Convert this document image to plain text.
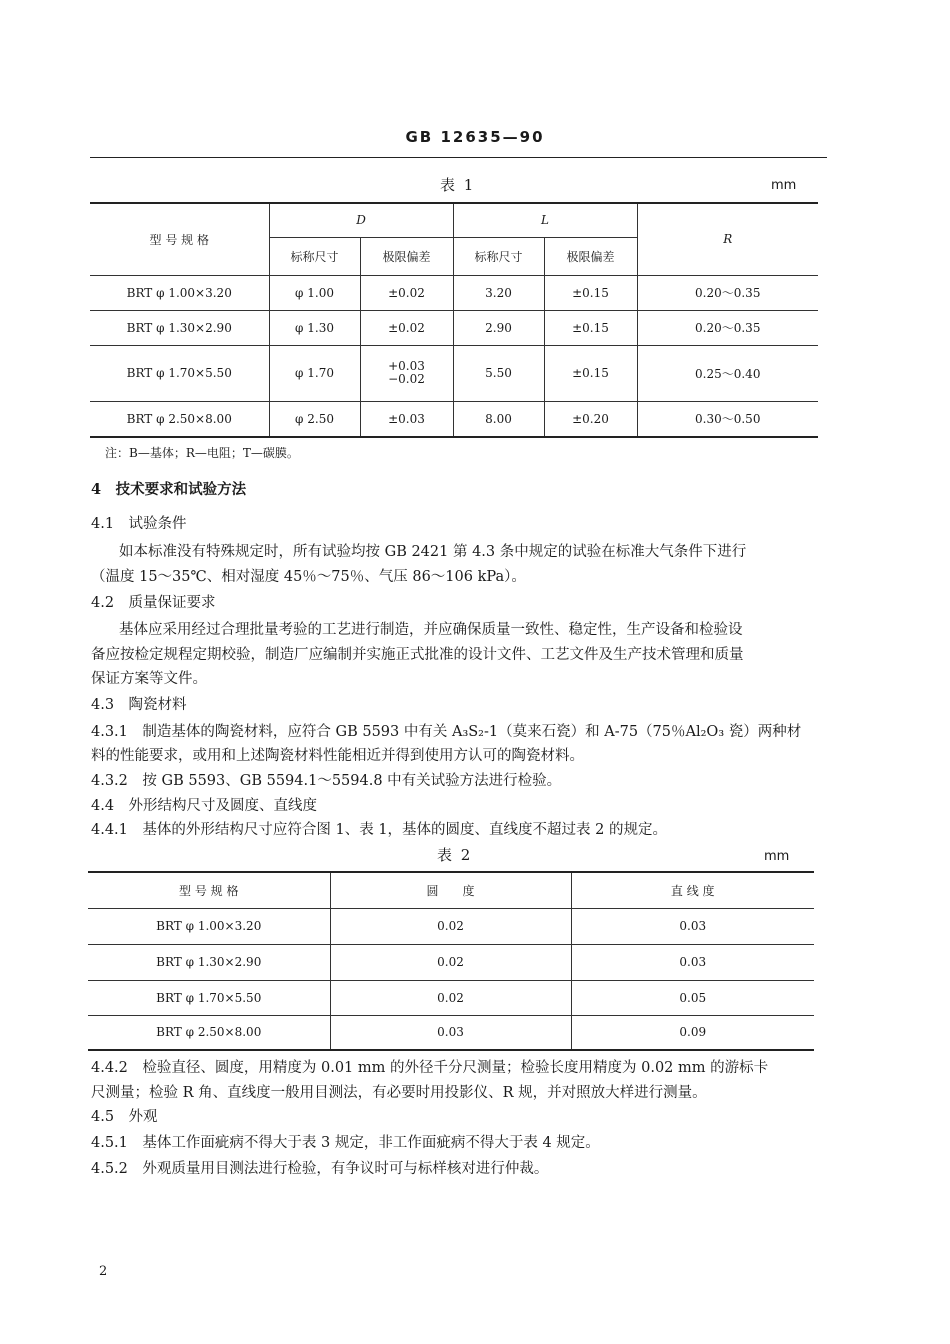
GB 12635—90
表 1	mm
型 号 规 格	D		L		R
	标称尺寸	极限偏差	标称尺寸	极限偏差	
BRT φ 1.00×3.20	φ 1.00	±0.02	3.20	±0.15	0.20～0.35
BRT φ 1.30×2.90	φ 1.30	±0.02	2.90	±0.15	0.20～0.35
BRT φ 1.70×5.50	φ 1.70	+0.03
−0.02	5.50	±0.15	0.25～0.40
BRT φ 2.50×8.00	φ 2.50	±0.03	8.00	±0.20	0.30～0.50
注：B—基体；R—电阻；T—碳膜。
4　技术要求和试验方法
4.1　试验条件
如本标准没有特殊规定时，所有试验均按 GB 2421 第 4.3 条中规定的试验在标准大气条件下进行
（温度 15～35℃、相对湿度 45％～75％、气压 86～106 kPa）。
4.2　质量保证要求
基体应采用经过合理批量考验的工艺进行制造，并应确保质量一致性、稳定性，生产设备和检验设
备应按检定规程定期校验，制造厂应编制并实施正式批准的设计文件、工艺文件及生产技术管理和质量
保证方案等文件。
4.3　陶瓷材料
4.3.1　制造基体的陶瓷材料，应符合 GB 5593 中有关 A₃S₂-1（莫来石瓷）和 A-75（75％Al₂O₃ 瓷）两种材
料的性能要求，或用和上述陶瓷材料性能相近并得到使用方认可的陶瓷材料。
4.3.2　按 GB 5593、GB 5594.1～5594.8 中有关试验方法进行检验。
4.4　外形结构尺寸及圆度、直线度
4.4.1　基体的外形结构尺寸应符合图 1、表 1，基体的圆度、直线度不超过表 2 的规定。
表 2	mm
型 号 规 格	圆　　度	直 线 度
BRT φ 1.00×3.20	0.02	0.03
BRT φ 1.30×2.90	0.02	0.03
BRT φ 1.70×5.50	0.02	0.05
BRT φ 2.50×8.00	0.03	0.09
4.4.2　检验直径、圆度，用精度为 0.01 mm 的外径千分尺测量；检验长度用精度为 0.02 mm 的游标卡
尺测量；检验 R 角、直线度一般用目测法，有必要时用投影仪、R 规，并对照放大样进行测量。
4.5　外观
4.5.1　基体工作面疵病不得大于表 3 规定，非工作面疵病不得大于表 4 规定。
4.5.2　外观质量用目测法进行检验，有争议时可与标样核对进行仲裁。
2
